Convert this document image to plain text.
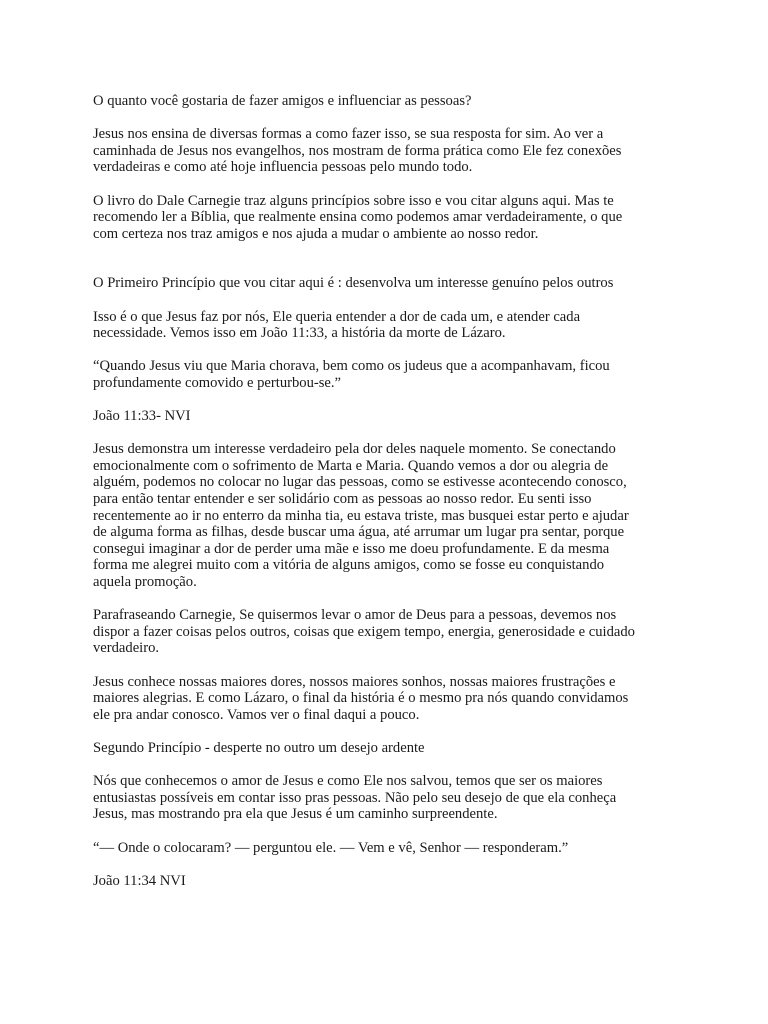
O quanto você gostaria de fazer amigos e influenciar as pessoas?

Jesus nos ensina de diversas formas a como fazer isso, se sua resposta for sim. Ao ver a
caminhada de Jesus nos evangelhos, nos mostram de forma prática como Ele fez conexões
verdadeiras e como até hoje influencia pessoas pelo mundo todo.

O livro do Dale Carnegie traz alguns princípios sobre isso e vou citar alguns aqui. Mas te
recomendo ler a Bíblia, que realmente ensina como podemos amar verdadeiramente, o que
com certeza nos traz amigos e nos ajuda a mudar o ambiente ao nosso redor.

O Primeiro Princípio que vou citar aqui é : desenvolva um interesse genuíno pelos outros

Isso é o que Jesus faz por nós, Ele queria entender a dor de cada um, e atender cada
necessidade. Vemos isso em João 11:33, a história da morte de Lázaro.

“Quando Jesus viu que Maria chorava, bem como os judeus que a acompanhavam, ficou
profundamente comovido e perturbou-se.”

João 11:33- NVI

Jesus demonstra um interesse verdadeiro pela dor deles naquele momento. Se conectando
emocionalmente com o sofrimento de Marta e Maria. Quando vemos a dor ou alegria de
alguém, podemos no colocar no lugar das pessoas, como se estivesse acontecendo conosco,
para então tentar entender e ser solidário com as pessoas ao nosso redor. Eu senti isso
recentemente ao ir no enterro da minha tia, eu estava triste, mas busquei estar perto e ajudar
de alguma forma as filhas, desde buscar uma água, até arrumar um lugar pra sentar, porque
consegui imaginar a dor de perder uma mãe e isso me doeu profundamente. E da mesma
forma me alegrei muito com a vitória de alguns amigos, como se fosse eu conquistando
aquela promoção.

Parafraseando Carnegie, Se quisermos levar o amor de Deus para a pessoas, devemos nos
dispor a fazer coisas pelos outros, coisas que exigem tempo, energia, generosidade e cuidado
verdadeiro.

Jesus conhece nossas maiores dores, nossos maiores sonhos, nossas maiores frustrações e
maiores alegrias. E como Lázaro, o final da história é o mesmo pra nós quando convidamos
ele pra andar conosco. Vamos ver o final daqui a pouco.

Segundo Princípio - desperte no outro um desejo ardente

Nós que conhecemos o amor de Jesus e como Ele nos salvou, temos que ser os maiores
entusiastas possíveis em contar isso pras pessoas. Não pelo seu desejo de que ela conheça
Jesus, mas mostrando pra ela que Jesus é um caminho surpreendente.

“— Onde o colocaram? — perguntou ele. — Vem e vê, Senhor — responderam.”

João 11:34 NVI
